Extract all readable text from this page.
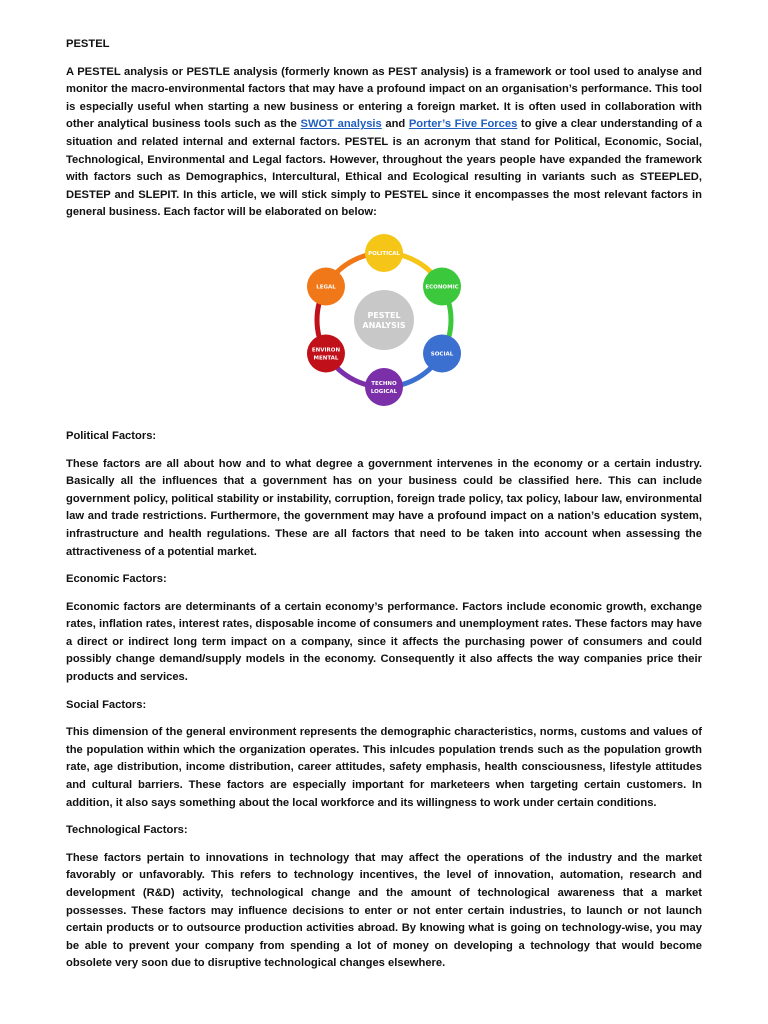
PESTEL

A PESTEL analysis or PESTLE analysis (formerly known as PEST analysis) is a framework or tool used to analyse and monitor the macro-environmental factors that may have a profound impact on an organisation’s performance. This tool is especially useful when starting a new business or entering a foreign market. It is often used in collaboration with other analytical business tools such as the SWOT analysis and Porter’s Five Forces to give a clear understanding of a situation and related internal and external factors. PESTEL is an acronym that stand for Political, Economic, Social, Technological, Environmental and Legal factors. However, throughout the years people have expanded the framework with factors such as Demographics, Intercultural, Ethical and Ecological resulting in variants such as STEEPLED, DESTEP and SLEPIT. In this article, we will stick simply to PESTEL since it encompasses the most relevant factors in general business. Each factor will be elaborated on below:

PESTEL
ANALYSIS
POLITICAL
ECONOMIC
SOCIAL
TECHNO
LOGICAL
ENVIRON
MENTAL
LEGAL
Political Factors:

These factors are all about how and to what degree a government intervenes in the economy or a certain industry. Basically all the influences that a government has on your business could be classified here. This can include government policy, political stability or instability, corruption, foreign trade policy, tax policy, labour law, environmental law and trade restrictions. Furthermore, the government may have a profound impact on a nation’s education system, infrastructure and health regulations. These are all factors that need to be taken into account when assessing the attractiveness of a potential market.

Economic Factors:

Economic factors are determinants of a certain economy’s performance. Factors include economic growth, exchange rates, inflation rates, interest rates, disposable income of consumers and unemployment rates. These factors may have a direct or indirect long term impact on a company, since it affects the purchasing power of consumers and could possibly change demand/supply models in the economy. Consequently it also affects the way companies price their products and services.

Social Factors:

This dimension of the general environment represents the demographic characteristics, norms, customs and values of the population within which the organization operates. This inlcudes population trends such as the population growth rate, age distribution, income distribution, career attitudes, safety emphasis, health consciousness, lifestyle attitudes and cultural barriers. These factors are especially important for marketeers when targeting certain customers. In addition, it also says something about the local workforce and its willingness to work under certain conditions.

Technological Factors:

These factors pertain to innovations in technology that may affect the operations of the industry and the market favorably or unfavorably. This refers to technology incentives, the level of innovation, automation, research and development (R&D) activity, technological change and the amount of technological awareness that a market possesses. These factors may influence decisions to enter or not enter certain industries, to launch or not launch certain products or to outsource production activities abroad. By knowing what is going on technology-wise, you may be able to prevent your company from spending a lot of money on developing a technology that would become obsolete very soon due to disruptive technological changes elsewhere.
